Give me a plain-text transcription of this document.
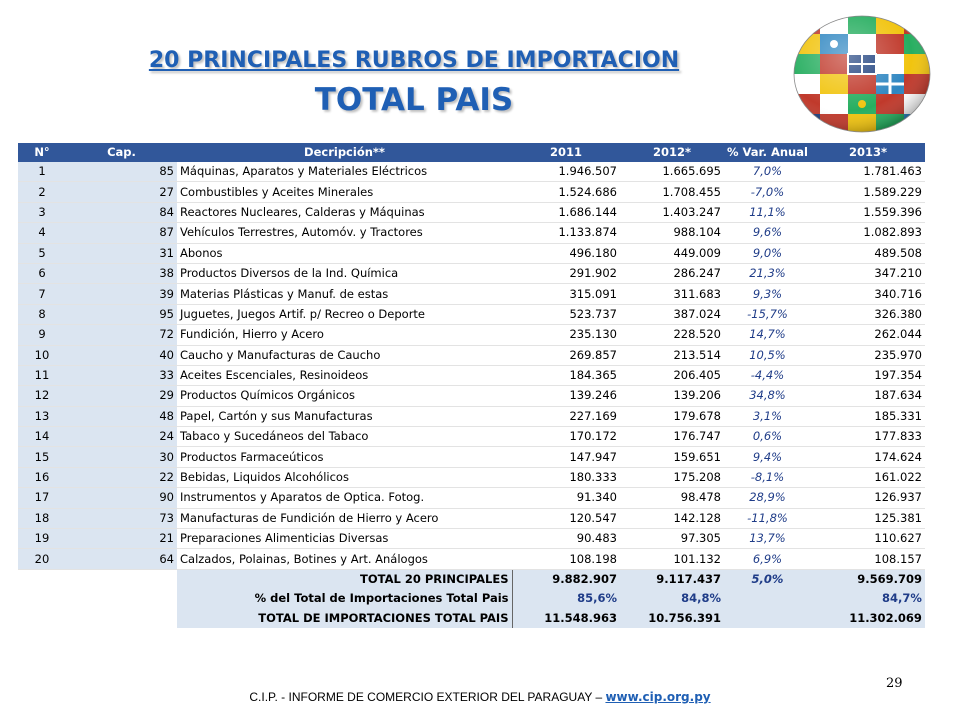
20 PRINCIPALES RUBROS DE IMPORTACION
TOTAL PAIS
N°	Cap.	Decripción**	2011	2012*	% Var. Anual	2013*
1	85	Máquinas, Aparatos y Materiales Eléctricos	1.946.507	1.665.695	7,0%	1.781.463
2	27	Combustibles y Aceites Minerales	1.524.686	1.708.455	-7,0%	1.589.229
3	84	Reactores Nucleares, Calderas y Máquinas	1.686.144	1.403.247	11,1%	1.559.396
4	87	Vehículos Terrestres, Automóv. y Tractores	1.133.874	988.104	9,6%	1.082.893
5	31	Abonos	496.180	449.009	9,0%	489.508
6	38	Productos Diversos de la Ind. Química	291.902	286.247	21,3%	347.210
7	39	Materias Plásticas y Manuf. de estas	315.091	311.683	9,3%	340.716
8	95	Juguetes, Juegos Artif. p/ Recreo o Deporte	523.737	387.024	-15,7%	326.380
9	72	Fundición, Hierro y Acero	235.130	228.520	14,7%	262.044
10	40	Caucho y Manufacturas de Caucho	269.857	213.514	10,5%	235.970
11	33	Aceites Escenciales, Resinoideos	184.365	206.405	-4,4%	197.354
12	29	Productos Químicos Orgánicos	139.246	139.206	34,8%	187.634
13	48	Papel, Cartón y sus Manufacturas	227.169	179.678	3,1%	185.331
14	24	Tabaco y Sucedáneos del Tabaco	170.172	176.747	0,6%	177.833
15	30	Productos Farmaceúticos	147.947	159.651	9,4%	174.624
16	22	Bebidas, Liquidos Alcohólicos	180.333	175.208	-8,1%	161.022
17	90	Instrumentos y Aparatos de Optica. Fotog.	91.340	98.478	28,9%	126.937
18	73	Manufacturas de Fundición de Hierro y Acero	120.547	142.128	-11,8%	125.381
19	21	Preparaciones Alimenticias Diversas	90.483	97.305	13,7%	110.627
20	64	Calzados, Polainas, Botines y Art. Análogos	108.198	101.132	6,9%	108.157
		TOTAL 20 PRINCIPALES	9.882.907	9.117.437	5,0%	9.569.709
		% del Total de Importaciones Total Pais	85,6%	84,8%		84,7%
		TOTAL DE IMPORTACIONES TOTAL PAIS	11.548.963	10.756.391		11.302.069
29
C.I.P. - INFORME DE COMERCIO EXTERIOR DEL PARAGUAY – www.cip.org.py
